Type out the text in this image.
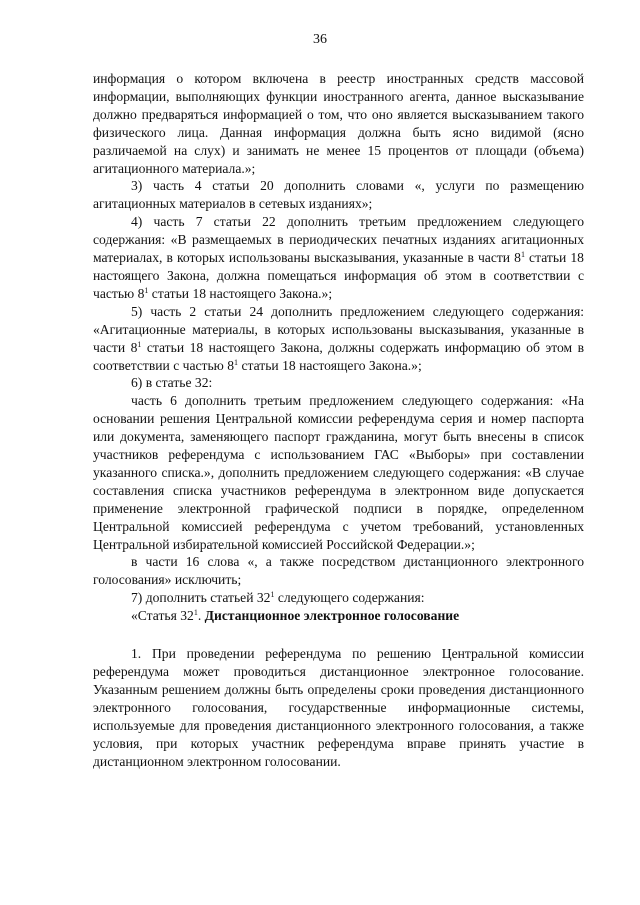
36

информация о котором включена в реестр иностранных средств массовой информации, выполняющих функции иностранного агента, данное высказывание должно предваряться информацией о том, что оно является высказыванием такого физического лица. Данная информация должна быть ясно видимой (ясно различаемой на слух) и занимать не менее 15 процентов от площади (объема) агитационного материала.»;

3) часть 4 статьи 20 дополнить словами «, услуги по размещению агитационных материалов в сетевых изданиях»;

4) часть 7 статьи 22 дополнить третьим предложением следующего содержания: «В размещаемых в периодических печатных изданиях агитационных материалах, в которых использованы высказывания, указанные в части $8^1$ статьи 18 настоящего Закона, должна помещаться информация об этом в соответствии с частью $8^1$ статьи 18 настоящего Закона.»;

5) часть 2 статьи 24 дополнить предложением следующего содержания: «Агитационные материалы, в которых использованы высказывания, указанные в части $8^1$ статьи 18 настоящего Закона, должны содержать информацию об этом в соответствии с частью $8^1$ статьи 18 настоящего Закона.»;

6) в статье 32:

часть 6 дополнить третьим предложением следующего содержания: «На основании решения Центральной комиссии референдума серия и номер паспорта или документа, заменяющего паспорт гражданина, могут быть внесены в список участников референдума с использованием ГАС «Выборы» при составлении указанного списка.», дополнить предложением следующего содержания: «В случае составления списка участников референдума в электронном виде допускается применение электронной графической подписи в порядке, определенном Центральной комиссией референдума с учетом требований, установленных Центральной избирательной комиссией Российской Федерации.»;

в части 16 слова «, а также посредством дистанционного электронного голосования» исключить;

7) дополнить статьей $32^1$ следующего содержания:

«Статья $32^1$. Дистанционное электронное голосование

1. При проведении референдума по решению Центральной комиссии референдума может проводиться дистанционное электронное голосование. Указанным решением должны быть определены сроки проведения дистанционного электронного голосования, государственные информационные системы, используемые для проведения дистанционного электронного голосования, а также условия, при которых участник референдума вправе принять участие в дистанционном электронном голосовании.
